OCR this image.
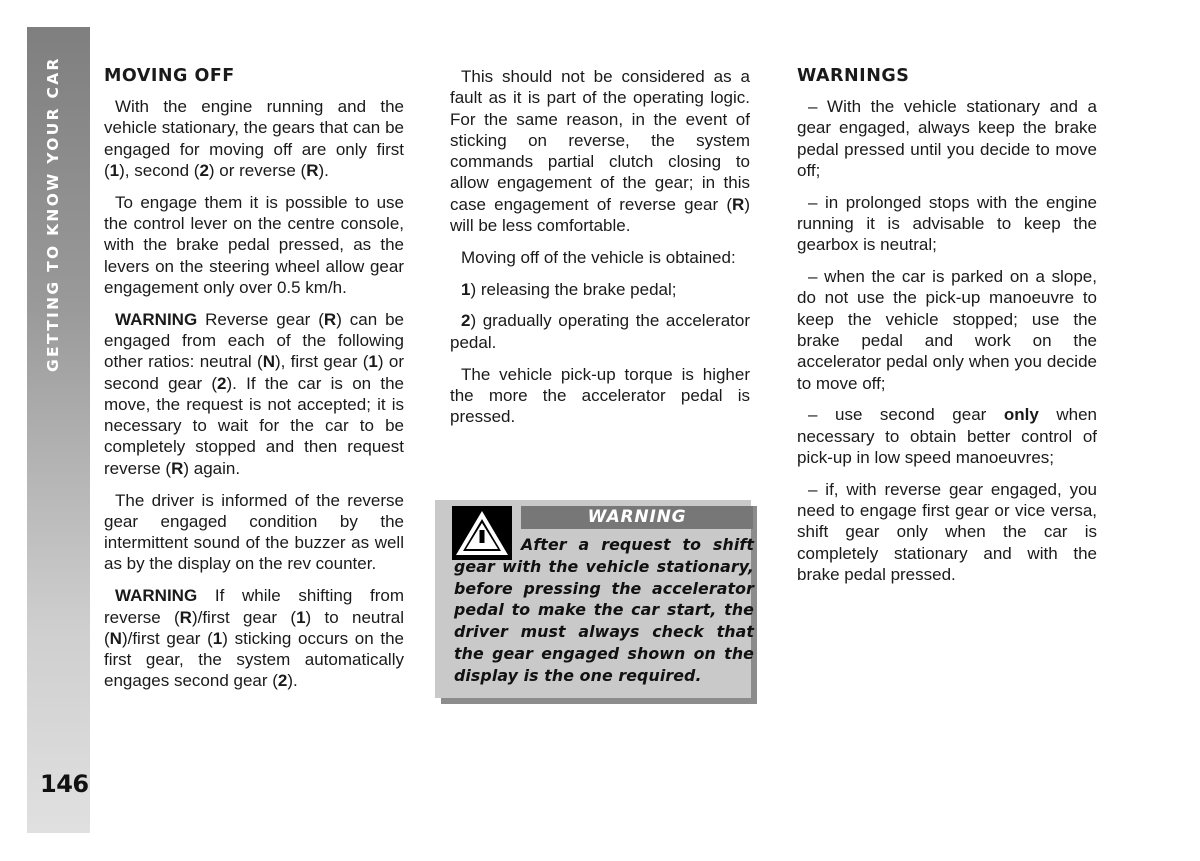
GETTING TO KNOW YOUR CAR
146
MOVING OFF

With the engine running and the vehicle stationary, the gears that can be engaged for moving off are only first (1), second (2) or reverse (R).

To engage them it is possible to use the control lever on the centre console, with the brake pedal pressed, as the levers on the steering wheel allow gear engagement only over 0.5 km/h.

WARNING Reverse gear (R) can be engaged from each of the following other ratios: neutral (N), first gear (1) or second gear (2). If the car is on the move, the request is not accepted; it is necessary to wait for the car to be completely stopped and then request reverse (R) again.

The driver is informed of the reverse gear engaged condition by the intermittent sound of the buzzer as well as by the display on the rev counter.

WARNING If while shifting from reverse (R)/first gear (1) to neutral (N)/first gear (1) sticking occurs on the first gear, the system automatically engages second gear (2).

This should not be considered as a fault as it is part of the operating logic. For the same reason, in the event of sticking on reverse, the system commands partial clutch closing to allow engagement of the gear; in this case engagement of reverse gear (R) will be less comfortable.

Moving off of the vehicle is obtained:

1) releasing the brake pedal;

2) gradually operating the accelerator pedal.

The vehicle pick-up torque is higher the more the accelerator pedal is pressed.

WARNING
After a request to shift gear with the vehicle stationary, before pressing the accelerator pedal to make the car start, the driver must always check that the gear engaged shown on the display is the one required.
WARNINGS

– With the vehicle stationary and a gear engaged, always keep the brake pedal pressed until you decide to move off;

– in prolonged stops with the engine running it is advisable to keep the gearbox is neutral;

– when the car is parked on a slope, do not use the pick-up manoeuvre to keep the vehicle stopped; use the brake pedal and work on the accelerator pedal only when you decide to move off;

– use second gear only when necessary to obtain better control of pick-up in low speed manoeuvres;

– if, with reverse gear engaged, you need to engage first gear or vice versa, shift gear only when the car is completely stationary and with the brake pedal pressed.
